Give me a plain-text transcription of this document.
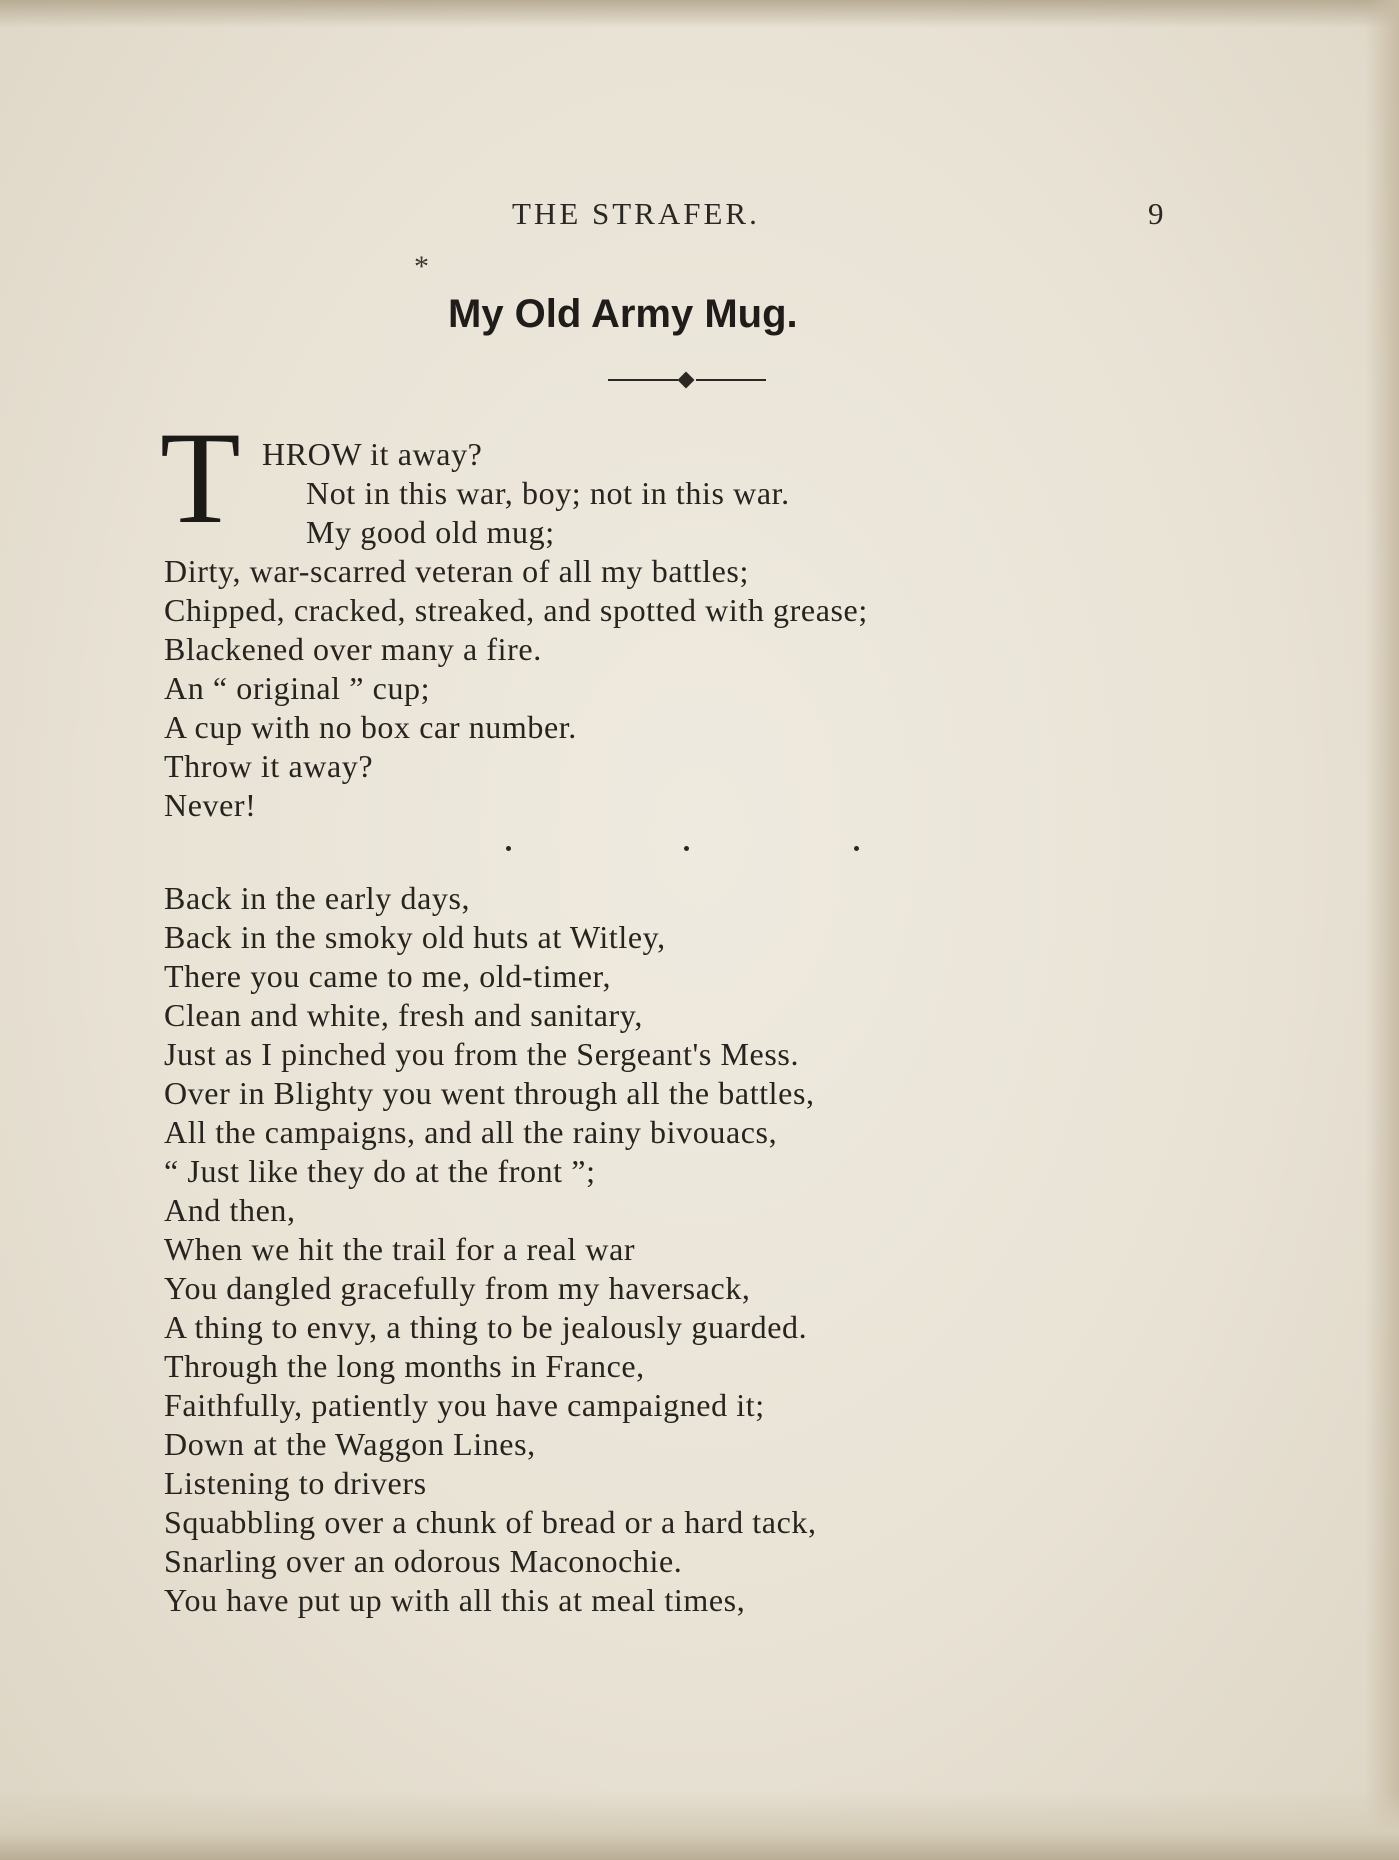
THE STRAFER.	9
*
My Old Army Mug.
T HROW it away?
Not in this war, boy; not in this war.
My good old mug;
Dirty, war-scarred veteran of all my battles;
Chipped, cracked, streaked, and spotted with grease;
Blackened over many a fire.
An “ original ” cup;
A cup with no box car number.
Throw it away?
Never!
Back in the early days,
Back in the smoky old huts at Witley,
There you came to me, old-timer,
Clean and white, fresh and sanitary,
Just as I pinched you from the Sergeant's Mess.
Over in Blighty you went through all the battles,
All the campaigns, and all the rainy bivouacs,
“ Just like they do at the front ”;
And then,
When we hit the trail for a real war
You dangled gracefully from my haversack,
A thing to envy, a thing to be jealously guarded.
Through the long months in France,
Faithfully, patiently you have campaigned it;
Down at the Waggon Lines,
Listening to drivers
Squabbling over a chunk of bread or a hard tack,
Snarling over an odorous Maconochie.
You have put up with all this at meal times,
